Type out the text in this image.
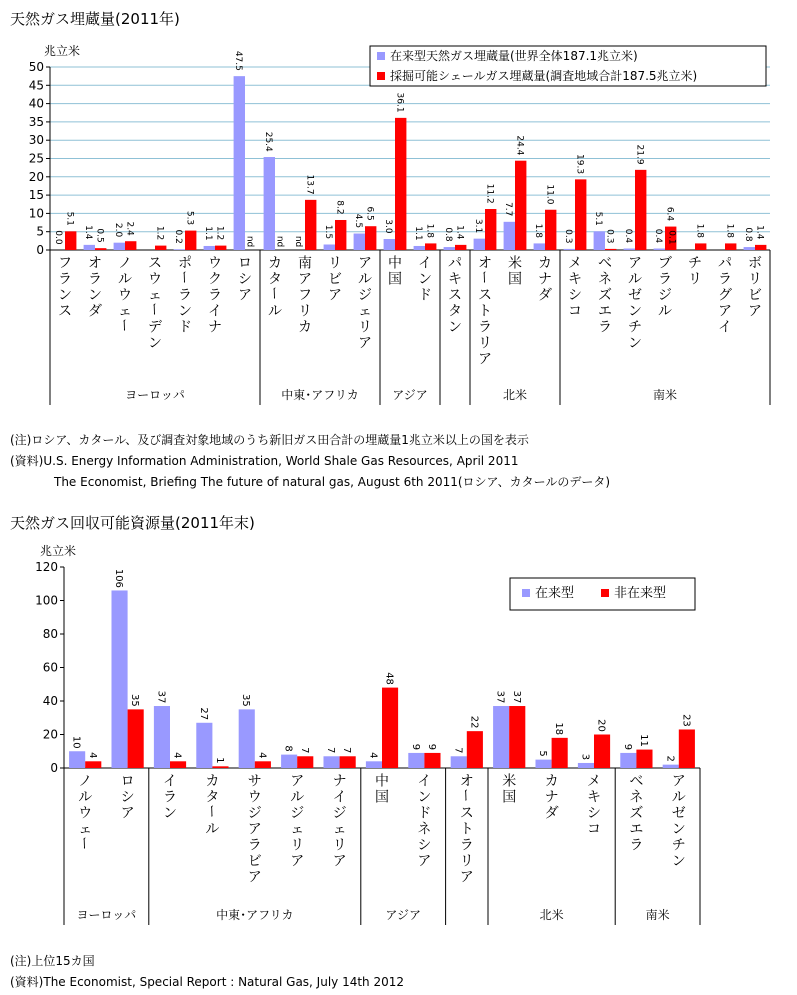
天然ガス埋蔵量(2011年)
兆立米
(注)ロシア、カタール、及び調査対象地域のうち新旧ガス田合計の埋蔵量1兆立米以上の国を表示
(資料)U.S. Energy Information Administration, World Shale Gas Resources, April 2011
The Economist, Briefing The future of natural gas, August 6th 2011(ロシア、カタールのデータ)
天然ガス回収可能資源量(2011年末)
兆立米
(注)上位15カ国
(資料)The Economist, Special Report : Natural Gas, July 14th 2012
0
5
10
15
20
25
30
35
40
45
50
0.0 1.4 2.0	0.2 1.1
47.5
25.4
nd
1.5
4.5 3.0 1.1 0.8
3.1
7.7
1.8 0.3
5.1
0.4 0.4	0.8
5.1
0.5 2.4 1.2
5.3
1.2
nd nd
13.7
8.2 6.5
36.1
1.8 1.4
11.2
24.4
11.0
19.3
0.3
21.9
6.4
1.8 1.8 1.4
0.1
フ
ラ
ン
ス
オ
ラ
ン
ダ
ノ
ル
ウ
ェ
ー
ス
ウ
ェ
ー
デ
ン
ポ
ー
ラ
ン
ド
ウ
ク
ラ
イ
ナ
ロ
シ
ア
カ
タ
ー
ル
南
ア
フ
リ
カ
リ
ビ
ア
ア
ル
ジ
ェ
リ
ア
中
国
イ
ン
ド
パ
キ
ス
タ
ン
オ
ー
ス
ト
ラ
リ
ア
米
国
カ
ナ
ダ
メ
キ
シ
コ
ベ
ネ
ズ
エ
ラ
ア
ル
ゼ
ン
チ
ン
ブ
ラ
ジ
ル
チ
リ
パ
ラ
グ
ア
イ
ボ
リ
ビ
ア
ヨーロッパ	中東･アフリカ	アジア	北米	南米
在来型天然ガス埋蔵量(世界全体187.1兆立米)
採掘可能シェールガス埋蔵量(調査地域合計187.5兆立米)
0
20
40
60
80
100
120
10
106
37
27
35
8	7
4
9
7
37
5
3
9
2
4
35
4
1
4
7	7
48
9
22
37
18	20
11
23
ノ
ル
ウ
ェ
ー
ロ
シ
ア
イ
ラ
ン
カ
タ
ー
ル
サ
ウ
ジ
ア
ラ
ビ
ア
ア
ル
ジ
ェ
リ
ア
ナ
イ
ジ
ェ
リ
ア
中
国
イ
ン
ド
ネ
シ
ア
オ
ー
ス
ト
ラ
リ
ア
米
国
カ
ナ
ダ
メ
キ
シ
コ
ベ
ネ
ズ
エ
ラ
ア
ル
ゼ
ン
チ
ン
ヨーロッパ	中東･アフリカ	アジア	北米	南米
在来型	非在来型
